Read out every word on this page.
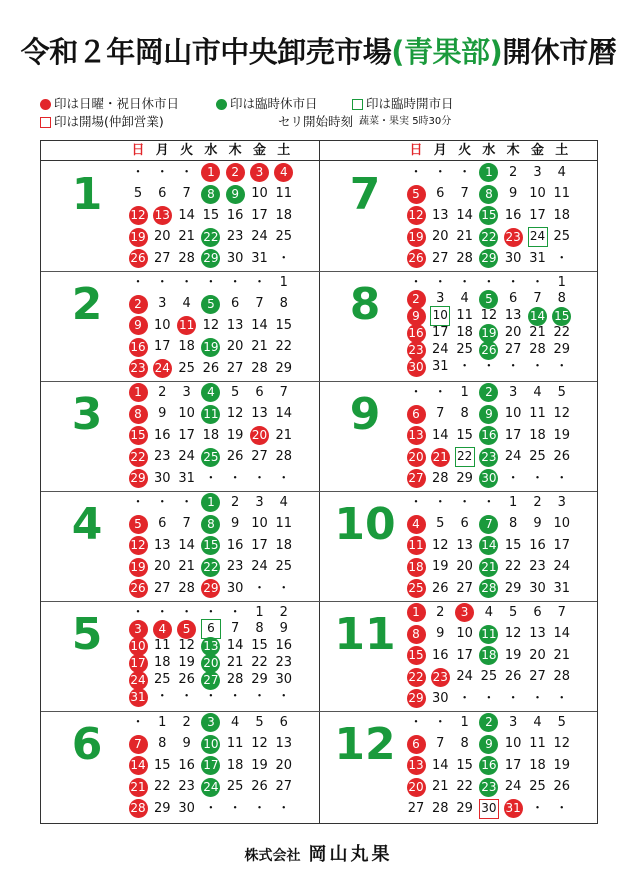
令和２年岡山市中央卸売市場(青果部)開休市暦
印は日曜・祝日休市日	印は臨時休市日	印は臨時開市日
印は開場(仲卸営業)	セリ開始時刻 蔬菜・果実 5時30分
日 月 火 水 木 金 土	日 月 火 水 木 金 土
1	・ ・ ・	1	2	3	4
5	6	7	8	9 10 11
12 13 14 15 16 17 18
19 20 21 22 23 24 25
26 27 28 29 30 31 ・
2	・ ・ ・ ・ ・ ・	1
2	3	4	5	6	7	8
9 10 11 12 13 14 15
16 17 18 19 20 21 22
23 24 25 26 27 28 29
3	1	2	3	4	5	6	7
8	9 10 11 12 13 14
15 16 17 18 19 20 21
22 23 24 25 26 27 28
29 30 31 ・ ・ ・ ・
4	・ ・ ・	1	2	3	4
5	6	7	8	9 10 11
12 13 14 15 16 17 18
19 20 21 22 23 24 25
26 27 28 29 30 ・ ・
5	・ ・ ・ ・ ・	1	2
3	4	5	6	7	8	9
10 11 12 13 14 15 16
17 18 19 20 21 22 23
24 25 26 27 28 29 30
31 ・ ・ ・ ・ ・ ・
6	・	1	2	3	4	5	6
7	8	9	10 11 12 13
14 15 16 17 18 19 20
21 22 23 24 25 26 27
28 29 30 ・ ・ ・ ・
7	・ ・ ・	1	2	3	4
5	6	7	8	9 10 11
12 13 14 15 16 17 18
19 20 21 22 23 24 25
26 27 28 29 30 31 ・
8	・ ・ ・ ・ ・ ・	1
2	3	4	5	6	7	8
9	10 11 12 13 14 15
16 17 18 19 20 21 22
23 24 25 26 27 28 29
30 31 ・ ・ ・ ・ ・
9	・ ・	1	2	3	4	5
6	7	8	9 10 11 12
13 14 15 16 17 18 19
20 21 22 23 24 25 26
27 28 29 30 ・ ・ ・
10	・ ・ ・ ・	1	2	3
4	5	6	7	8	9 10
11 12 13 14 15 16 17
18 19 20 21 22 23 24
25 26 27 28 29 30 31
11	1	2	3	4	5	6	7
8	9 10 11 12 13 14
15 16 17 18 19 20 21
22 23 24 25 26 27 28
29 30 ・ ・ ・ ・ ・
12	・ ・	1	2	3	4	5
6	7	8	9 10 11 12
13 14 15 16 17 18 19
20 21 22 23 24 25 26
27 28 29 30 31 ・ ・
株式会社 岡山丸果
